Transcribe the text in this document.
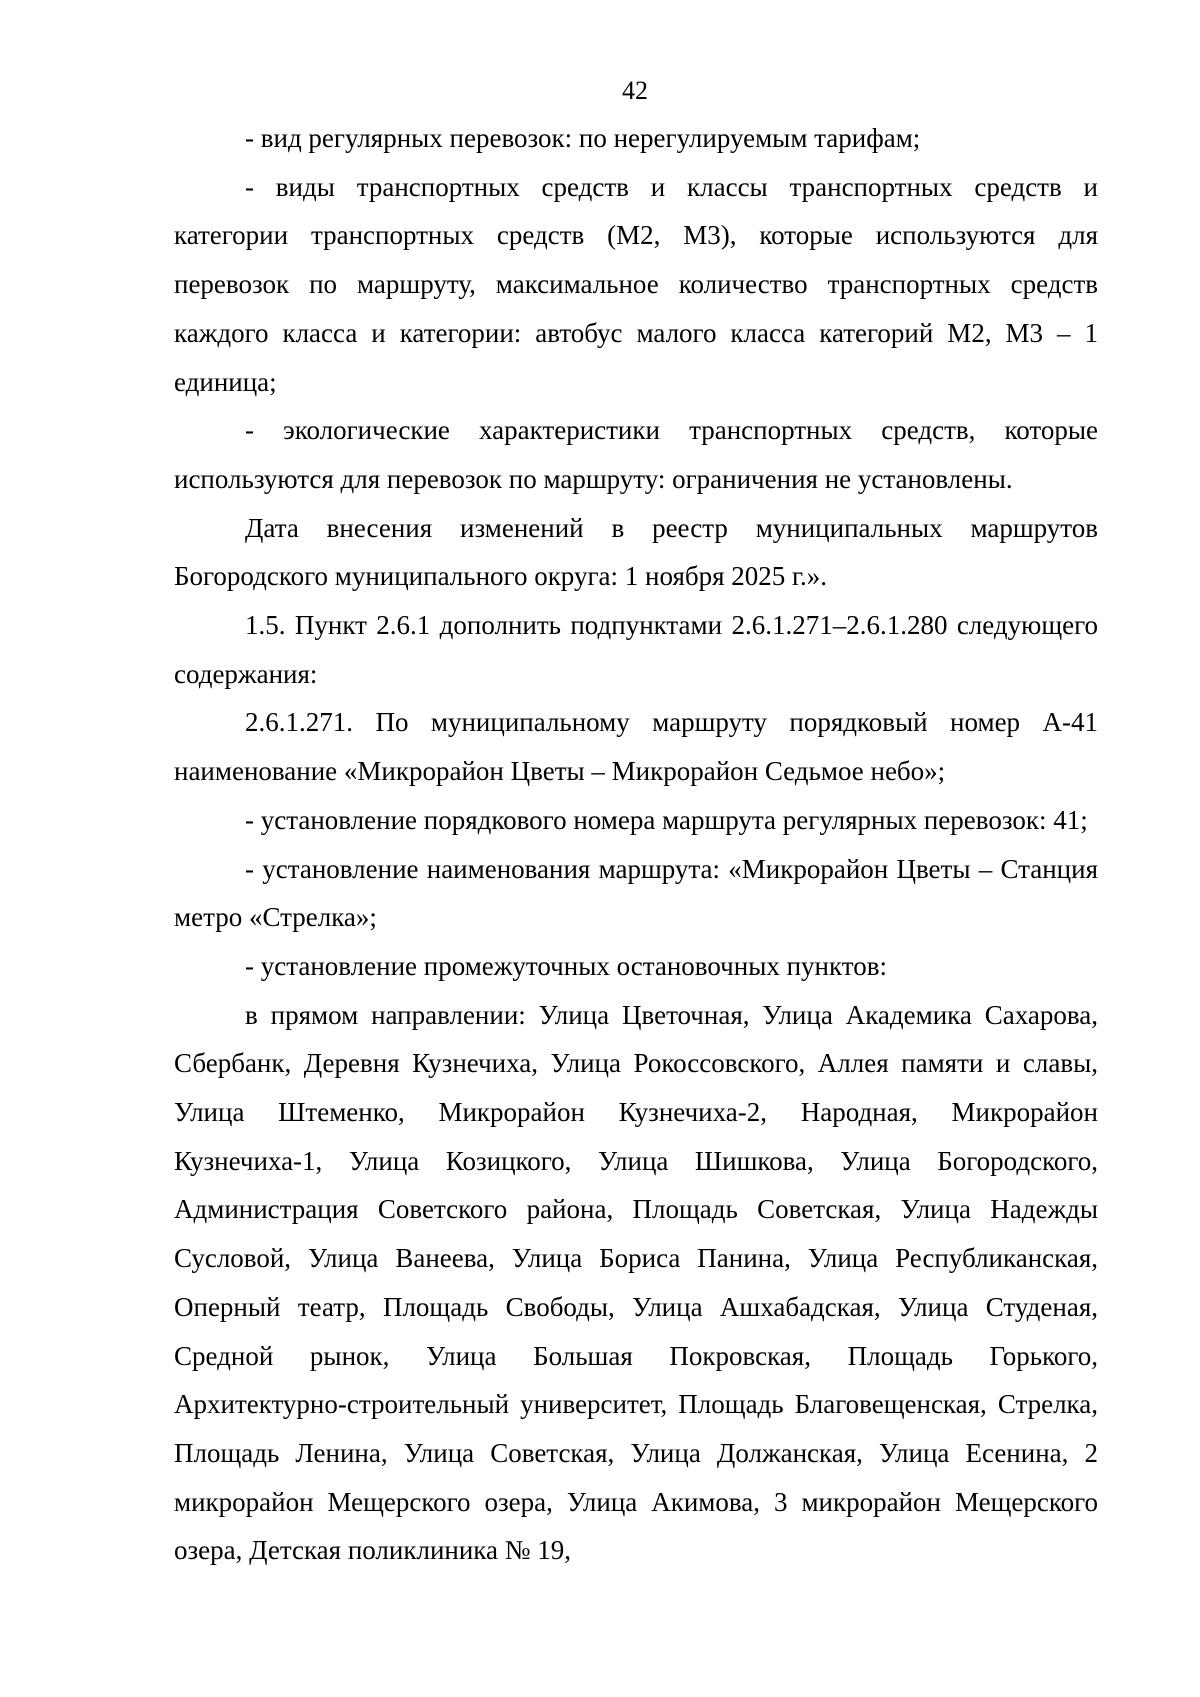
42

- вид регулярных перевозок: по нерегулируемым тарифам;

- виды транспортных средств и классы транспортных средств и категории транспортных средств (М2, М3), которые используются для перевозок по маршруту, максимальное количество транспортных средств каждого класса и категории: автобус малого класса категорий М2, М3 – 1 единица;

- экологические характеристики транспортных средств, которые используются для перевозок по маршруту: ограничения не установлены.

Дата внесения изменений в реестр муниципальных маршрутов Богородского муниципального округа: 1 ноября 2025 г.».

1.5. Пункт 2.6.1 дополнить подпунктами 2.6.1.271–2.6.1.280 следующего содержания:

2.6.1.271. По муниципальному маршруту порядковый номер А-41 наименование «Микрорайон Цветы – Микрорайон Седьмое небо»;

- установление порядкового номера маршрута регулярных перевозок: 41;

- установление наименования маршрута: «Микрорайон Цветы – Станция метро «Стрелка»;

- установление промежуточных остановочных пунктов:

в прямом направлении: Улица Цветочная, Улица Академика Сахарова, Сбербанк, Деревня Кузнечиха, Улица Рокоссовского, Аллея памяти и славы, Улица Штеменко, Микрорайон Кузнечиха-2, Народная, Микрорайон Кузнечиха-1, Улица Козицкого, Улица Шишкова, Улица Богородского, Администрация Советского района, Площадь Советская, Улица Надежды Сусловой, Улица Ванеева, Улица Бориса Панина, Улица Республиканская, Оперный театр, Площадь Свободы, Улица Ашхабадская, Улица Студеная, Средной рынок, Улица Большая Покровская, Площадь Горького, Архитектурно-строительный университет, Площадь Благовещенская, Стрелка, Площадь Ленина, Улица Советская, Улица Должанская, Улица Есенина, 2 микрорайон Мещерского озера, Улица Акимова, 3 микрорайон Мещерского озера, Детская поликлиника № 19,
